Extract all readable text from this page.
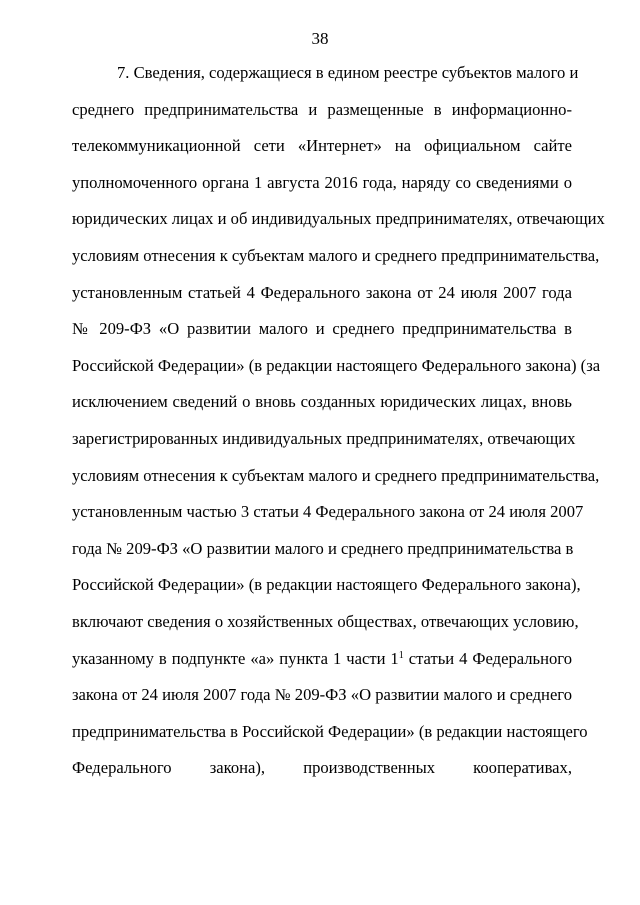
38
7. Сведения, содержащиеся в едином реестре субъектов малого и
среднего предпринимательства и размещенные в информационно-
телекоммуникационной сети «Интернет» на официальном сайте
уполномоченного органа 1 августа 2016 года, наряду со сведениями о
юридических лицах и об индивидуальных предпринимателях, отвечающих
условиям отнесения к субъектам малого и среднего предпринимательства,
установленным статьей 4 Федерального закона от 24 июля 2007 года
№ 209-ФЗ «О развитии малого и среднего предпринимательства в
Российской Федерации» (в редакции настоящего Федерального закона) (за
исключением сведений о вновь созданных юридических лицах, вновь
зарегистрированных индивидуальных предпринимателях, отвечающих
условиям отнесения к субъектам малого и среднего предпринимательства,
установленным частью 3 статьи 4 Федерального закона от 24 июля 2007
года № 209-ФЗ «О развитии малого и среднего предпринимательства в
Российской Федерации» (в редакции настоящего Федерального закона),
включают сведения о хозяйственных обществах, отвечающих условию,
указанному в подпункте «а» пункта 1 части $1^1$ статьи 4 Федерального
закона от 24 июля 2007 года № 209-ФЗ «О развитии малого и среднего
предпринимательства в Российской Федерации» (в редакции настоящего
Федерального закона), производственных кооперативах,
